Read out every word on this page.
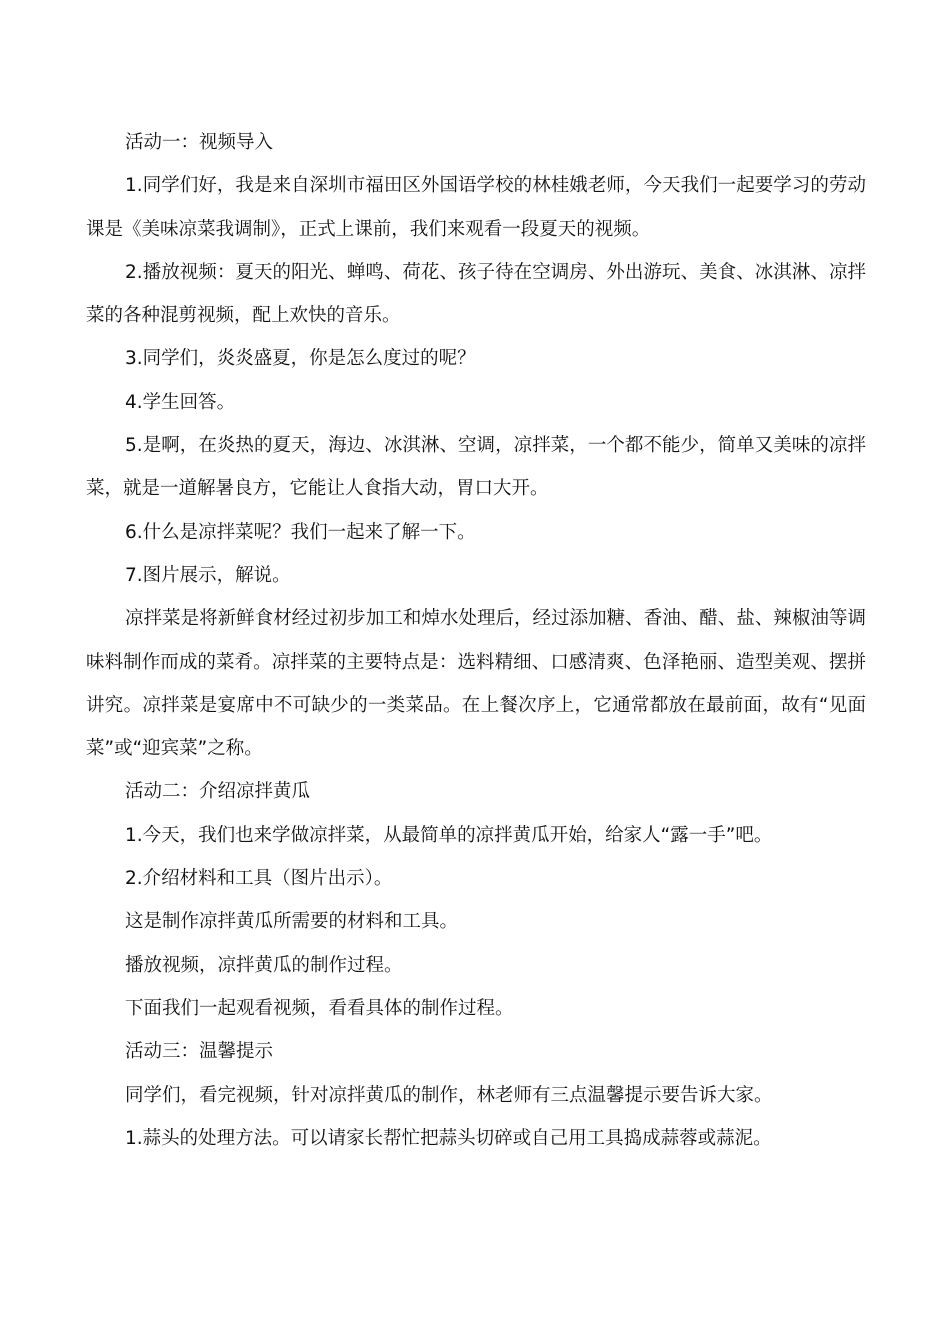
活动一：视频导入

1.同学们好，我是来自深圳市福田区外国语学校的林桂娥老师，今天我们一起要学习的劳动课是《美味凉菜我调制》，正式上课前，我们来观看一段夏天的视频。

2.播放视频：夏天的阳光、蝉鸣、荷花、孩子待在空调房、外出游玩、美食、冰淇淋、凉拌菜的各种混剪视频，配上欢快的音乐。

3.同学们，炎炎盛夏，你是怎么度过的呢？

4.学生回答。

5.是啊，在炎热的夏天，海边、冰淇淋、空调，凉拌菜，一个都不能少，简单又美味的凉拌菜，就是一道解暑良方，它能让人食指大动，胃口大开。

6.什么是凉拌菜呢？我们一起来了解一下。

7.图片展示，解说。

凉拌菜是将新鲜食材经过初步加工和焯水处理后，经过添加糖、香油、醋、盐、辣椒油等调味料制作而成的菜肴。凉拌菜的主要特点是：选料精细、口感清爽、色泽艳丽、造型美观、摆拼讲究。凉拌菜是宴席中不可缺少的一类菜品。在上餐次序上，它通常都放在最前面，故有“见面菜”或“迎宾菜”之称。

活动二：介绍凉拌黄瓜

1.今天，我们也来学做凉拌菜，从最简单的凉拌黄瓜开始，给家人“露一手”吧。

2.介绍材料和工具（图片出示）。

这是制作凉拌黄瓜所需要的材料和工具。

播放视频，凉拌黄瓜的制作过程。

下面我们一起观看视频，看看具体的制作过程。

活动三：温馨提示

同学们，看完视频，针对凉拌黄瓜的制作，林老师有三点温馨提示要告诉大家。

1.蒜头的处理方法。可以请家长帮忙把蒜头切碎或自己用工具捣成蒜蓉或蒜泥。
